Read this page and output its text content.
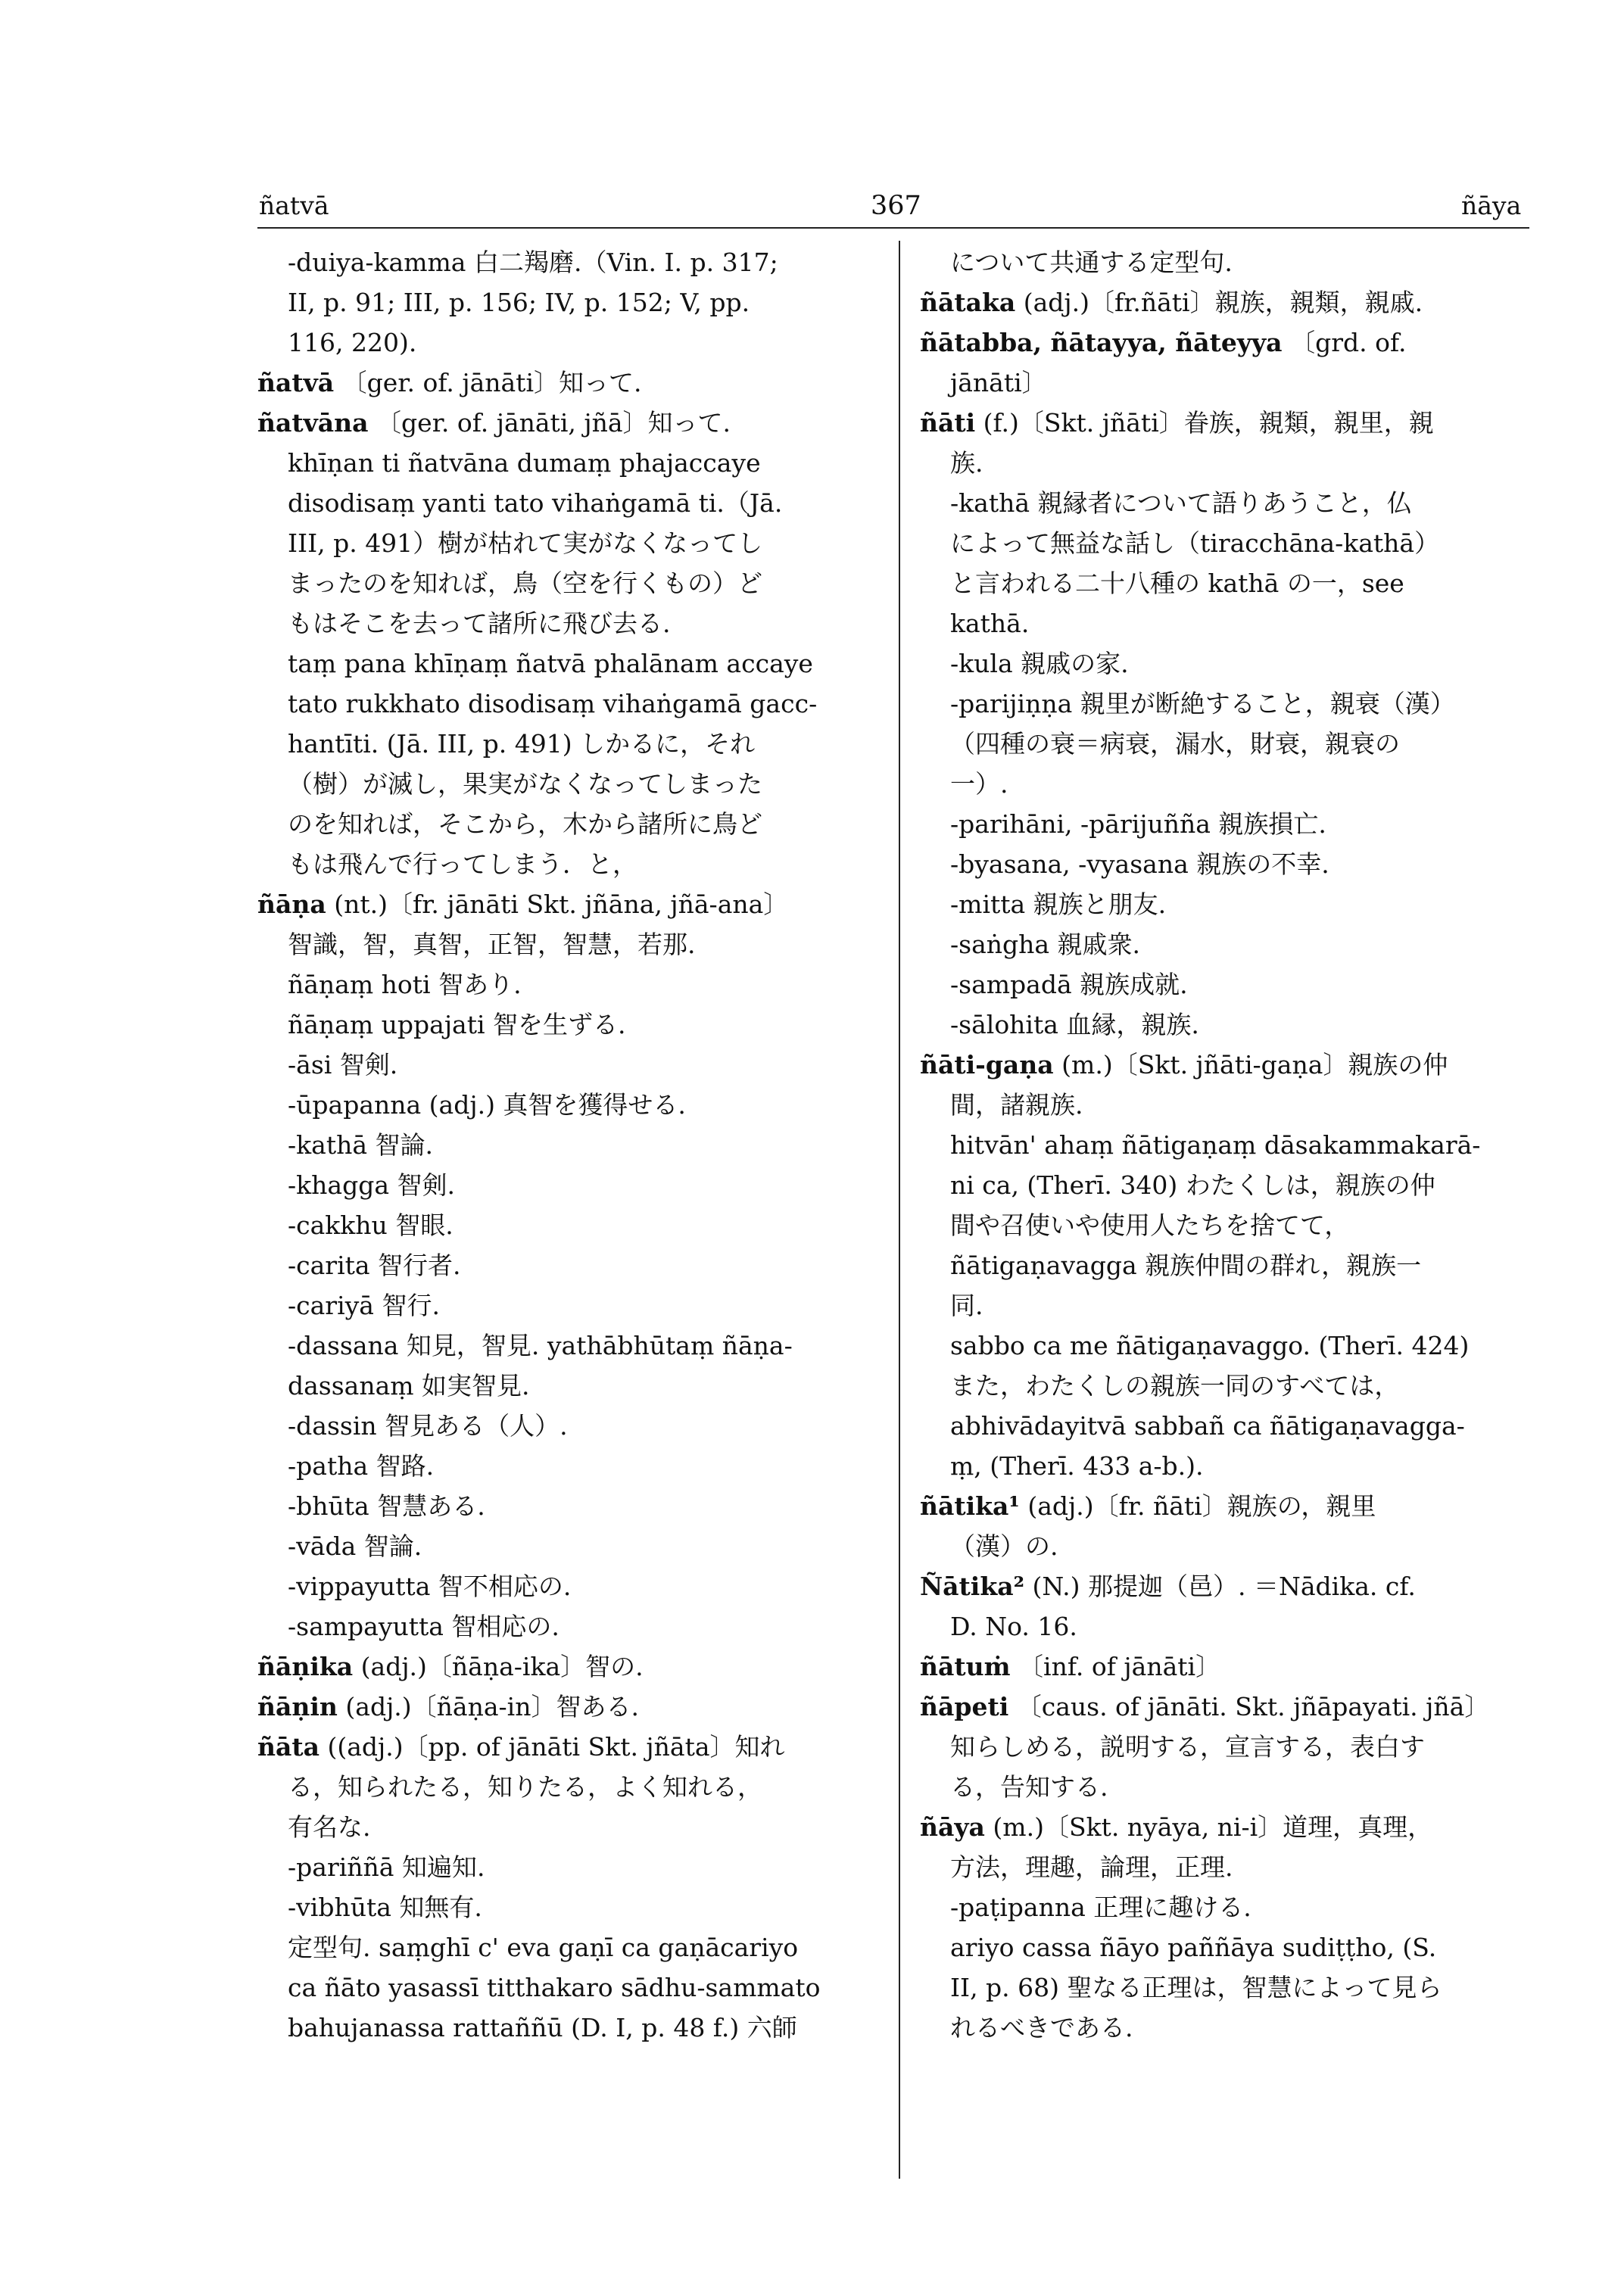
ñatvā	367	ñāya
-duiya-kamma 白二羯磨.（Vin. I. p. 317;
II, p. 91; III, p. 156; IV, p. 152; V, pp.
116, 220).
ñatvā 〔ger. of. jānāti〕知って.
ñatvāna 〔ger. of. jānāti, jñā〕知って.
khīṇan ti ñatvāna dumaṃ phajaccaye
disodisaṃ yanti tato vihaṅgamā ti.（Jā.
III, p. 491）樹が枯れて実がなくなってし
まったのを知れば，鳥（空を行くもの）ど
もはそこを去って諸所に飛び去る.
taṃ pana khīṇaṃ ñatvā phalānam accaye
tato rukkhato disodisaṃ vihaṅgamā gacc-
hantīti. (Jā. III, p. 491) しかるに，それ
（樹）が滅し，果実がなくなってしまった
のを知れば，そこから，木から諸所に鳥ど
もは飛んで行ってしまう．と，
ñāṇa (nt.)〔fr. jānāti Skt. jñāna, jñā-ana〕
智識，智，真智，正智，智慧，若那.
ñāṇaṃ hoti 智あり.
ñāṇaṃ uppajati 智を生ずる.
-āsi 智剣.
-ūpapanna (adj.) 真智を獲得せる.
-kathā 智論.
-khagga 智剣.
-cakkhu 智眼.
-carita 智行者.
-cariyā 智行.
-dassana 知見，智見. yathābhūtaṃ ñāṇa-
dassanaṃ 如実智見.
-dassin 智見ある（人）.
-patha 智路.
-bhūta 智慧ある.
-vāda 智論.
-vippayutta 智不相応の.
-sampayutta 智相応の.
ñāṇika (adj.)〔ñāṇa-ika〕智の.
ñāṇin (adj.)〔ñāṇa-in〕智ある.
ñāta ((adj.)〔pp. of jānāti Skt. jñāta〕知れ
る，知られたる，知りたる，よく知れる，
有名な.
-pariññā 知遍知.
-vibhūta 知無有.
定型句. saṃghī c' eva gaṇī ca gaṇācariyo
ca ñāto yasassī titthakaro sādhu-sammato
bahujanassa rattaññū (D. I, p. 48 f.) 六師
について共通する定型句.
ñātaka (adj.)〔fr.ñāti〕親族，親類，親戚.
ñātabba, ñātayya, ñāteyya 〔grd. of.
jānāti〕
ñāti (f.)〔Skt. jñāti〕眷族，親類，親里，親
族.
-kathā 親縁者について語りあうこと，仏
によって無益な話し（tiracchāna-kathā）
と言われる二十八種の kathā の一，see
kathā.
-kula 親戚の家.
-parijiṇṇa 親里が断絶すること，親衰（漢）
（四種の衰＝病衰，漏水，財衰，親衰の
一）.
-parihāni, -pārijuñña 親族損亡.
-byasana, -vyasana 親族の不幸.
-mitta 親族と朋友.
-saṅgha 親戚衆.
-sampadā 親族成就.
-sālohita 血縁，親族.
ñāti-gaṇa (m.)〔Skt. jñāti-gaṇa〕親族の仲
間，諸親族.
hitvān' ahaṃ ñātigaṇaṃ dāsakammakarā-
ni ca, (Therī. 340) わたくしは，親族の仲
間や召使いや使用人たちを捨てて，
ñātigaṇavagga 親族仲間の群れ，親族一
同.
sabbo ca me ñātigaṇavaggo. (Therī. 424)
また，わたくしの親族一同のすべては，
abhivādayitvā sabbañ ca ñātigaṇavagga-
ṃ, (Therī. 433 a-b.).
ñātika¹ (adj.)〔fr. ñāti〕親族の，親里
（漢）の.
Ñātika² (N.) 那提迦（邑）. ＝Nādika. cf.
D. No. 16.
ñātuṁ 〔inf. of jānāti〕
ñāpeti 〔caus. of jānāti. Skt. jñāpayati. jñā〕
知らしめる，説明する，宣言する，表白す
る，告知する.
ñāya (m.)〔Skt. nyāya, ni-i〕道理，真理，
方法，理趣，論理，正理.
-paṭipanna 正理に趣ける.
ariyo cassa ñāyo paññāya sudiṭṭho, (S.
II, p. 68) 聖なる正理は，智慧によって見ら
れるべきである.
